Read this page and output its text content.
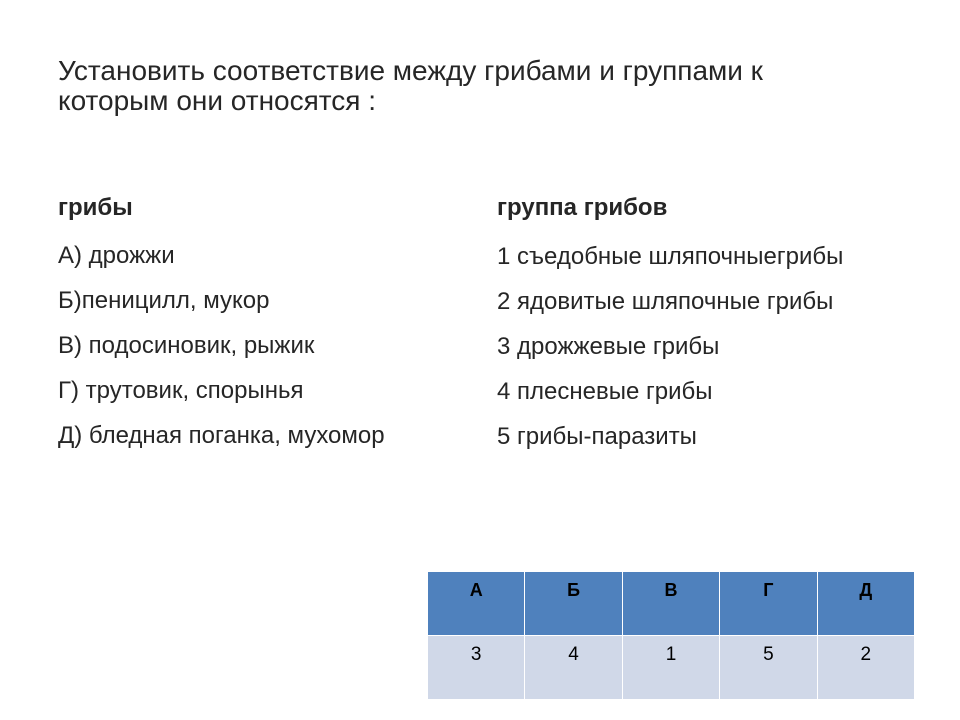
Установить соответствие между грибами и группами к которым они относятся :
грибы	группа грибов
А) дрожжи
Б)пеницилл, мукор
В) подосиновик, рыжик
Г) трутовик, спорынья
Д) бледная поганка, мухомор
1 съедобные шляпочныегрибы
2 ядовитые шляпочные грибы
3 дрожжевые грибы
4 плесневые грибы
5 грибы-паразиты
А	Б	В	Г	Д
3	4	1	5	2
